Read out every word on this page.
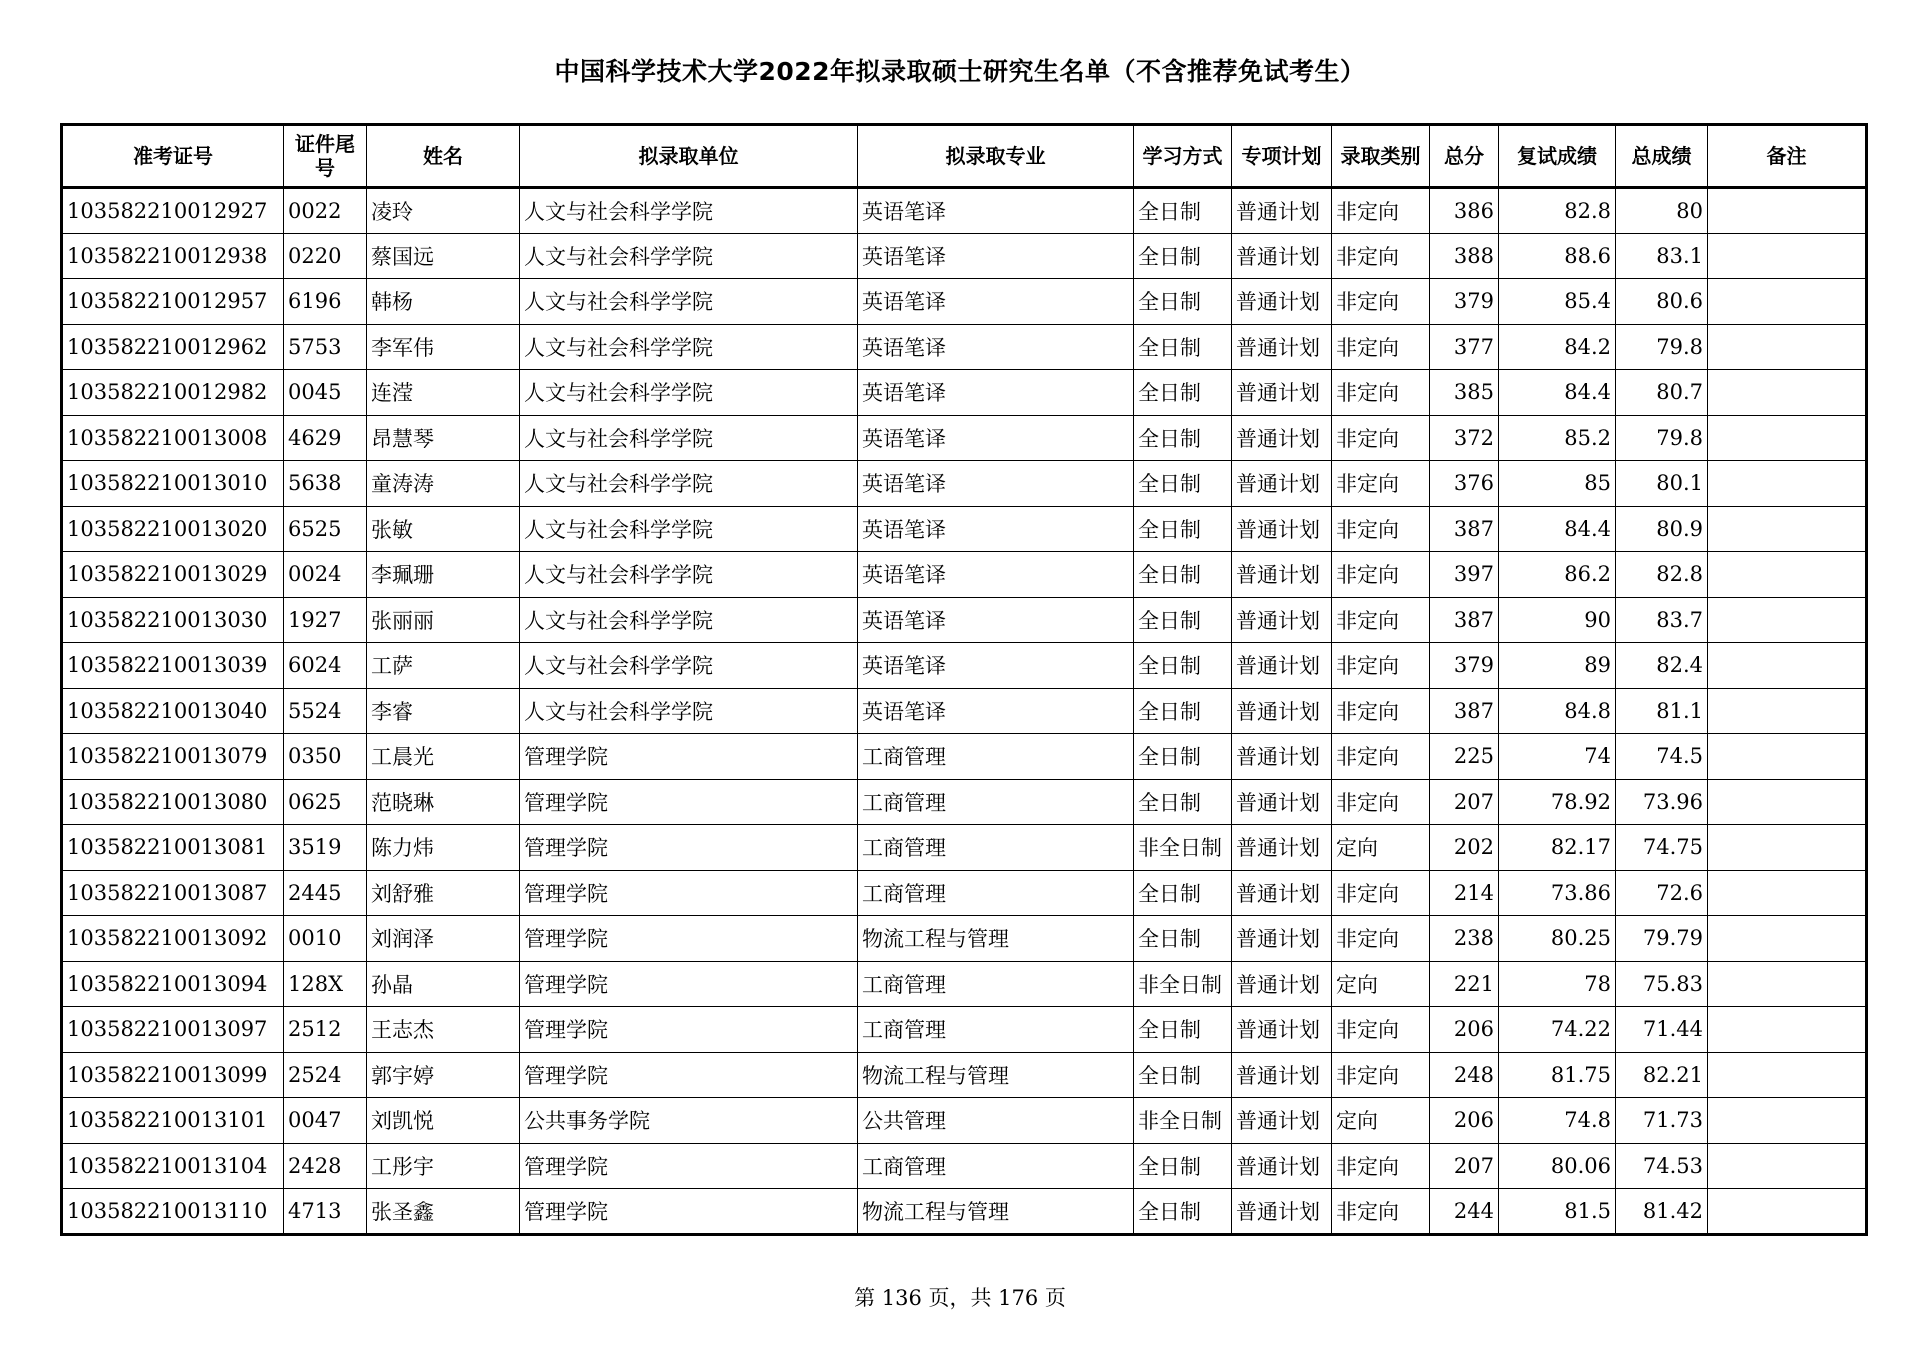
中国科学技术大学2022年拟录取硕士研究生名单（不含推荐免试考生）
准考证号	证件尾号	姓名	拟录取单位	拟录取专业	学习方式	专项计划	录取类别	总分	复试成绩	总成绩	备注
103582210012927	0022	凌玲	人文与社会科学学院	英语笔译	全日制	普通计划	非定向	386	82.8	80	
103582210012938	0220	蔡国远	人文与社会科学学院	英语笔译	全日制	普通计划	非定向	388	88.6	83.1	
103582210012957	6196	韩杨	人文与社会科学学院	英语笔译	全日制	普通计划	非定向	379	85.4	80.6	
103582210012962	5753	李军伟	人文与社会科学学院	英语笔译	全日制	普通计划	非定向	377	84.2	79.8	
103582210012982	0045	连滢	人文与社会科学学院	英语笔译	全日制	普通计划	非定向	385	84.4	80.7	
103582210013008	4629	昂慧琴	人文与社会科学学院	英语笔译	全日制	普通计划	非定向	372	85.2	79.8	
103582210013010	5638	童涛涛	人文与社会科学学院	英语笔译	全日制	普通计划	非定向	376	85	80.1	
103582210013020	6525	张敏	人文与社会科学学院	英语笔译	全日制	普通计划	非定向	387	84.4	80.9	
103582210013029	0024	李珮珊	人文与社会科学学院	英语笔译	全日制	普通计划	非定向	397	86.2	82.8	
103582210013030	1927	张丽丽	人文与社会科学学院	英语笔译	全日制	普通计划	非定向	387	90	83.7	
103582210013039	6024	工萨	人文与社会科学学院	英语笔译	全日制	普通计划	非定向	379	89	82.4	
103582210013040	5524	李睿	人文与社会科学学院	英语笔译	全日制	普通计划	非定向	387	84.8	81.1	
103582210013079	0350	工晨光	管理学院	工商管理	全日制	普通计划	非定向	225	74	74.5	
103582210013080	0625	范晓琳	管理学院	工商管理	全日制	普通计划	非定向	207	78.92	73.96	
103582210013081	3519	陈力炜	管理学院	工商管理	非全日制	普通计划	定向	202	82.17	74.75	
103582210013087	2445	刘舒雅	管理学院	工商管理	全日制	普通计划	非定向	214	73.86	72.6	
103582210013092	0010	刘润泽	管理学院	物流工程与管理	全日制	普通计划	非定向	238	80.25	79.79	
103582210013094	128X	孙晶	管理学院	工商管理	非全日制	普通计划	定向	221	78	75.83	
103582210013097	2512	王志杰	管理学院	工商管理	全日制	普通计划	非定向	206	74.22	71.44	
103582210013099	2524	郭宇婷	管理学院	物流工程与管理	全日制	普通计划	非定向	248	81.75	82.21	
103582210013101	0047	刘凯悦	公共事务学院	公共管理	非全日制	普通计划	定向	206	74.8	71.73	
103582210013104	2428	工彤宇	管理学院	工商管理	全日制	普通计划	非定向	207	80.06	74.53	
103582210013110	4713	张圣鑫	管理学院	物流工程与管理	全日制	普通计划	非定向	244	81.5	81.42	
第 136 页，共 176 页
